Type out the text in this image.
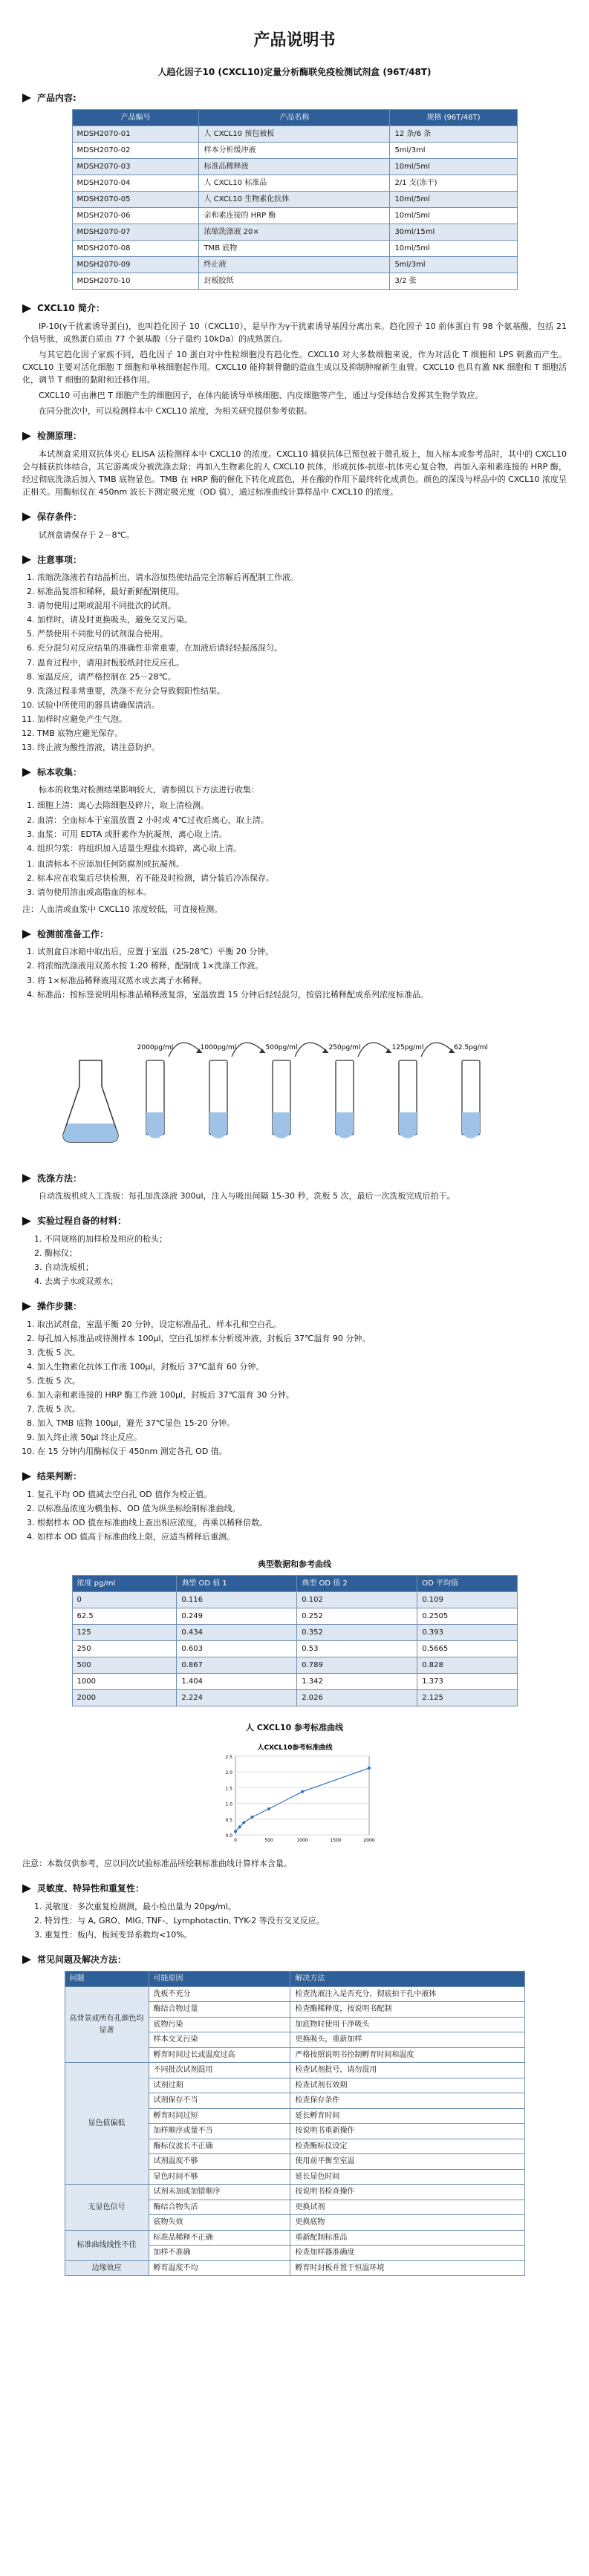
产品说明书
人趋化因子10 (CXCL10)定量分析酶联免疫检测试剂盒 (96T/48T)
产品内容:
产品编号	产品名称	规格 (96T/48T)
MDSH2070-01	人 CXCL10 预包被板	12 条/6 条
MDSH2070-02	样本分析缓冲液	5ml/3ml
MDSH2070-03	标准品稀释液	10ml/5ml
MDSH2070-04	人 CXCL10 标准品	2/1 支(冻干)
MDSH2070-05	人 CXCL10 生物素化抗体	10ml/5ml
MDSH2070-06	亲和素连接的 HRP 酶	10ml/5ml
MDSH2070-07	浓缩洗涤液 20×	30ml/15ml
MDSH2070-08	TMB 底物	10ml/5ml
MDSH2070-09	终止液	5ml/3ml
MDSH2070-10	封板胶纸	3/2 张
CXCL10 简介：

IP-10(γ干扰素诱导蛋白)，也叫趋化因子 10（CXCL10），是早作为γ干扰素诱导基因分离出来。趋化因子 10 前体蛋白有 98 个氨基酸，包括 21 个信号肽，成熟蛋白质由 77 个氨基酸（分子量约 10kDa）的成熟蛋白。

与其它趋化因子家族不同，趋化因子 10 蛋白对中性粒细胞没有趋化性。CXCL10 对大多数细胞来说，作为对活化 T 细胞和 LPS 刺激而产生。CXCL10 主要对活化细胞 T 细胞和单核细胞起作用。CXCL10 能抑制骨髓的造血生成以及抑制肿瘤新生血管。CXCL10 也具有激 NK 细胞和 T 细胞活化，调节 T 细胞的黏附和迁移作用。

CXCL10 可由淋巴 T 细胞产生的细胞因子，在体内能诱导单核细胞、内皮细胞等产生，通过与受体结合发挥其生物学效应。

在同分批次中，可以检测样本中 CXCL10 浓度，为相关研究提供参考依据。

检测原理：

本试剂盒采用双抗体夹心 ELISA 法检测样本中 CXCL10 的浓度。CXCL10 捕获抗体已预包被于微孔板上，加入标本或参考品时，其中的 CXCL10 会与捕获抗体结合，其它游离成分被洗涤去除；再加入生物素化的人 CXCL10 抗体，形成抗体-抗原-抗体夹心复合物，再加入亲和素连接的 HRP 酶，经过彻底洗涤后加入 TMB 底物显色。TMB 在 HRP 酶的催化下转化成蓝色，并在酸的作用下最终转化成黄色。颜色的深浅与样品中的 CXCL10 浓度呈正相关。用酶标仪在 450nm 波长下测定吸光度（OD 值），通过标准曲线计算样品中 CXCL10 的浓度。

保存条件：

试剂盒请保存于 2－8℃。

注意事项：
1. 浓缩洗涤液若有结晶析出，请水浴加热使结晶完全溶解后再配制工作液。
2. 标准品复溶和稀释，最好新鲜配制使用。
3. 请勿使用过期或混用不同批次的试剂。
4. 加样时，请及时更换吸头，避免交叉污染。
5. 严禁使用不同批号的试剂混合使用。
6. 充分混匀对反应结果的准确性非常重要，在加液后请轻轻振荡混匀。
7. 温育过程中，请用封板胶纸封住反应孔。
8. 室温反应，请严格控制在 25－28℃。
9. 洗涤过程非常重要，洗涤不充分会导致假阳性结果。
10. 试验中所使用的器具请确保清洁。
11. 加样时应避免产生气泡。
12. TMB 底物应避光保存。
13. 终止液为酸性溶液，请注意防护。
标本收集：

标本的收集对检测结果影响较大，请参照以下方法进行收集：

1. 细胞上清：离心去除细胞及碎片，取上清检测。
2. 血清：全血标本于室温放置 2 小时或 4℃过夜后离心，取上清。
3. 血浆：可用 EDTA 或肝素作为抗凝剂，离心取上清。
4. 组织匀浆：将组织加入适量生理盐水捣碎，离心取上清。
1. 血清标本不应添加任何防腐剂或抗凝剂。
2. 标本应在收集后尽快检测，若不能及时检测，请分装后冷冻保存。
3. 请勿使用溶血或高脂血的标本。
注：人血清或血浆中 CXCL10 浓度较低，可直接检测。
检测前准备工作：
1. 试剂盒自冰箱中取出后，应置于室温（25-28℃）平衡 20 分钟。
2. 将浓缩洗涤液用双蒸水按 1:20 稀释，配制成 1×洗涤工作液。
3. 将 1×标准品稀释液用双蒸水或去离子水稀释。
4. 标准品：按标签说明用标准品稀释液复溶，室温放置 15 分钟后轻轻混匀，按倍比稀释配成系列浓度标准品。
2000pg/ml	1000pg/ml	500pg/ml	250pg/ml	125pg/ml	62.5pg/ml
洗涤方法：

自动洗板机或人工洗板：每孔加洗涤液 300ul，注入与吸出间隔 15-30 秒，洗板 5 次，最后一次洗板完成后拍干。

实验过程自备的材料：
1. 不同规格的加样枪及相应的枪头；
2. 酶标仪；
3. 自动洗板机；
4. 去离子水或双蒸水；
操作步骤：
1. 取出试剂盒，室温平衡 20 分钟，设定标准品孔、样本孔和空白孔。
2. 每孔加入标准品或待测样本 100μl，空白孔加样本分析缓冲液，封板后 37℃温育 90 分钟。
3. 洗板 5 次。
4. 加入生物素化抗体工作液 100μl，封板后 37℃温育 60 分钟。
5. 洗板 5 次。
6. 加入亲和素连接的 HRP 酶工作液 100μl，封板后 37℃温育 30 分钟。
7. 洗板 5 次。
8. 加入 TMB 底物 100μl，避光 37℃显色 15-20 分钟。
9. 加入终止液 50μl 终止反应。
10. 在 15 分钟内用酶标仪于 450nm 测定各孔 OD 值。
结果判断：
1. 复孔平均 OD 值减去空白孔 OD 值作为校正值。
2. 以标准品浓度为横坐标、OD 值为纵坐标绘制标准曲线。
3. 根据样本 OD 值在标准曲线上查出相应浓度，再乘以稀释倍数。
4. 如样本 OD 值高于标准曲线上限，应适当稀释后重测。
典型数据和参考曲线
浓度 pg/ml	典型 OD 值 1	典型 OD 值 2	OD 平均值
0	0.116	0.102	0.109
62.5	0.249	0.252	0.2505
125	0.434	0.352	0.393
250	0.603	0.53	0.5665
500	0.867	0.789	0.828
1000	1.404	1.342	1.373
2000	2.224	2.026	2.125
人 CXCL10 参考标准曲线
人CXCL10参考标准曲线
0.0
0.5
1.0
1.5
2.0
2.5
0	500	1000	1500	2000
注意：本数仅供参考，应以同次试验标准品所绘制标准曲线计算样本含量。
灵敏度、特异性和重复性：
1. 灵敏度：多次重复检测测，最小检出量为 20pg/ml。
2. 特异性：与 A, GRO、MIG, TNF-、Lymphotactin, TYK-2 等没有交叉反应。
3. 重复性：板内、板间变异系数均<10%。
常见问题及解决方法：
问题	可能原因	解决方法
高背景或所有孔颜色均显著	洗板不充分	检查洗液注入是否充分，彻底拍干孔中液体
	酶结合物过量	检查酶稀释度，按说明书配制
	底物污染	加底物时使用干净吸头
	样本交叉污染	更换吸头，重新加样
	孵育时间过长或温度过高	严格按照说明书控制孵育时间和温度
显色值偏低	不同批次试剂混用	检查试剂批号，请勿混用
	试剂过期	检查试剂有效期
	试剂保存不当	检查保存条件
	孵育时间过短	延长孵育时间
	加样顺序或量不当	按说明书重新操作
	酶标仪波长不正确	检查酶标仪设定
	试剂温度不够	使用前平衡至室温
	显色时间不够	延长显色时间
无显色信号	试剂未加或加错顺序	按说明书检查操作
	酶结合物失活	更换试剂
	底物失效	更换底物
标准曲线线性不佳	标准品稀释不正确	重新配制标准品
	加样不准确	检查加样器准确度
边缘效应	孵育温度不均	孵育时封板并置于恒温环境
